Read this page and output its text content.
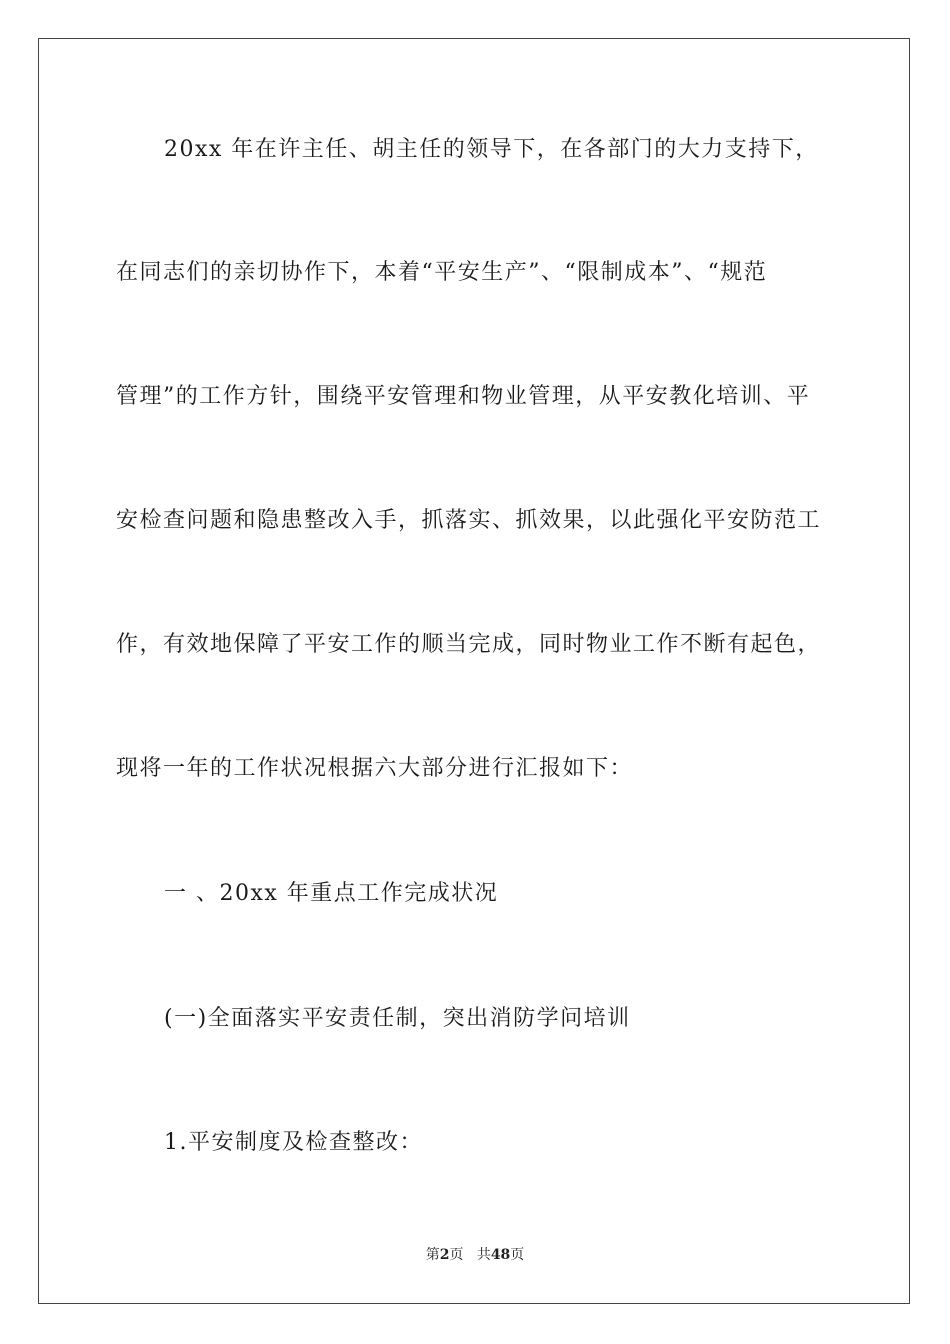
20xx 年在许主任、胡主任的领导下，在各部门的大力支持下，
在同志们的亲切协作下，本着“平安生产”、“限制成本”、“规范
管理”的工作方针，围绕平安管理和物业管理，从平安教化培训、平
安检查问题和隐患整改入手，抓落实、抓效果，以此强化平安防范工
作，有效地保障了平安工作的顺当完成，同时物业工作不断有起色，
现将一年的工作状况根据六大部分进行汇报如下：
一 、20xx 年重点工作完成状况
(一)全面落实平安责任制，突出消防学问培训
1.平安制度及检查整改：
第2页 共48页
